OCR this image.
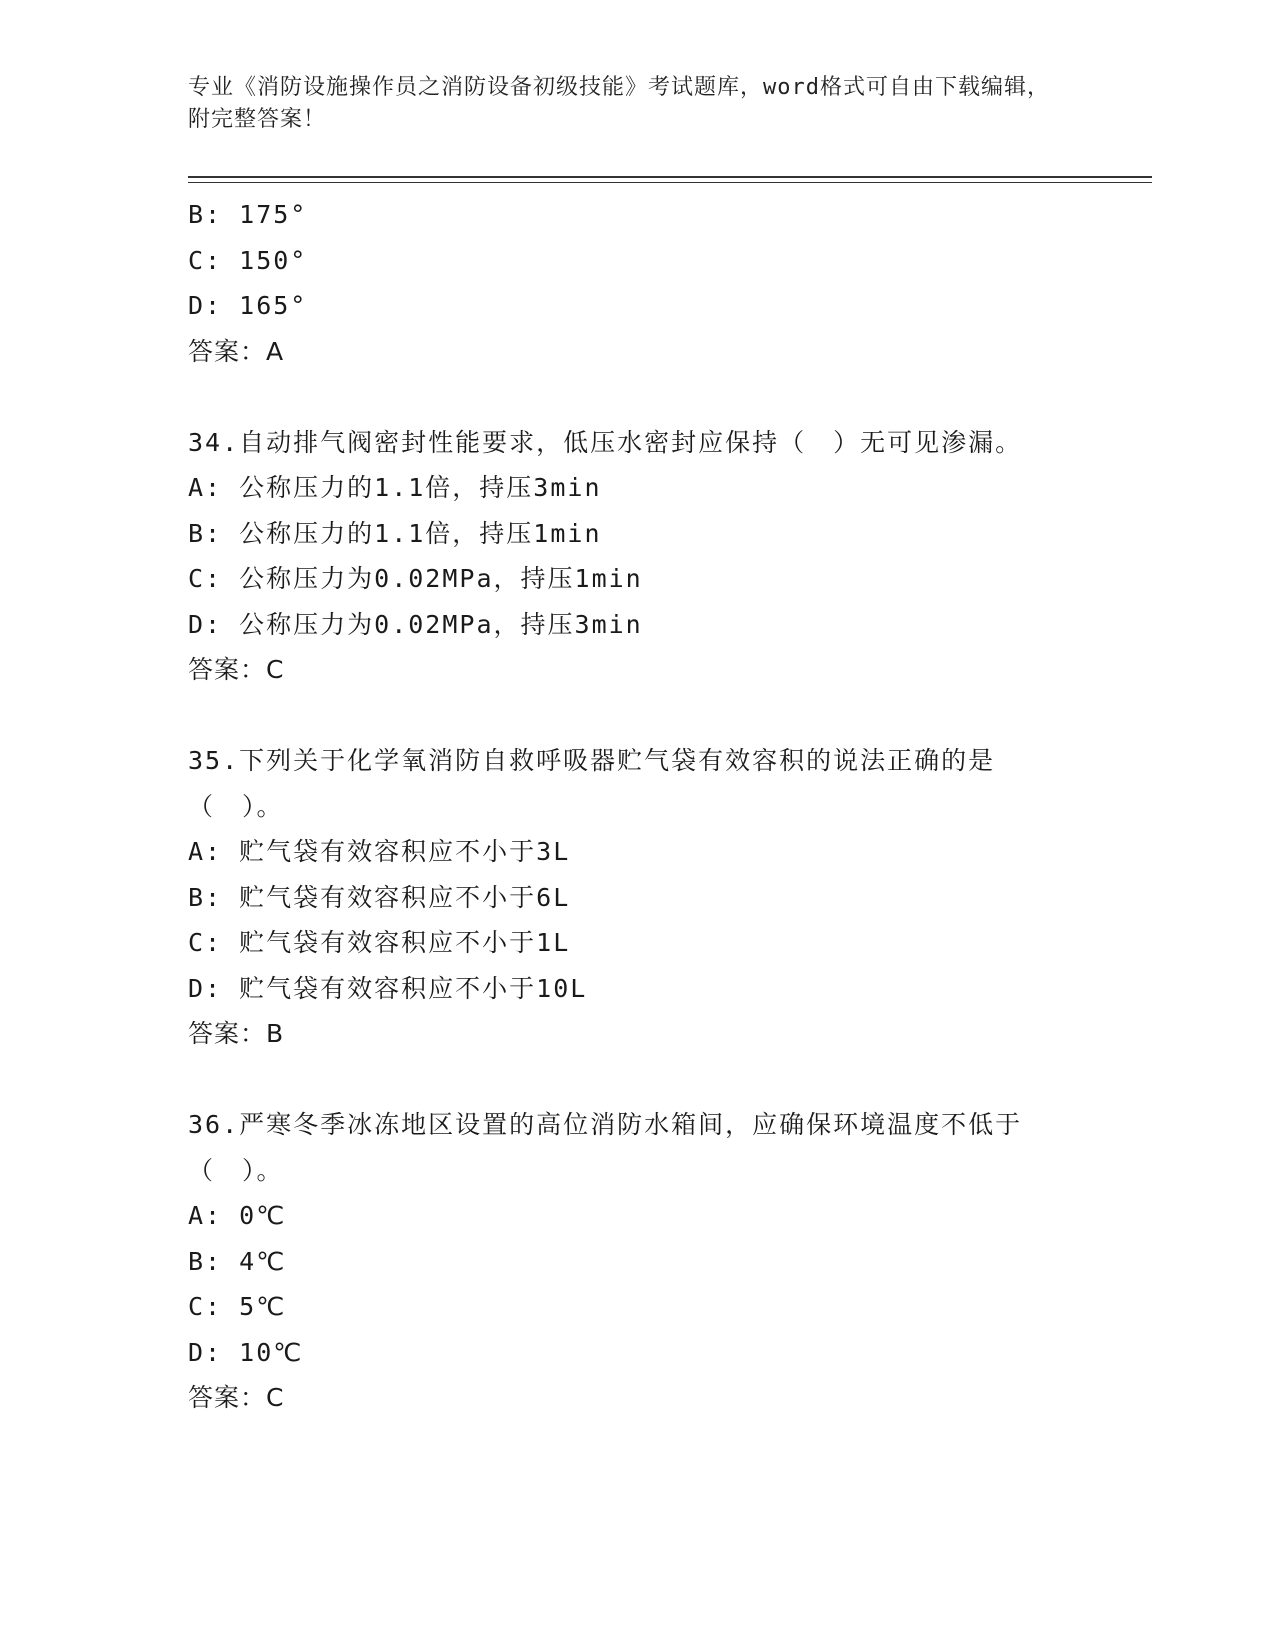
专业《消防设施操作员之消防设备初级技能》考试题库，word格式可自由下载编辑，附完整答案！
B: 175°
C: 150°
D: 165°
答案：A
34.自动排气阀密封性能要求，低压水密封应保持（　）无可见渗漏。
A: 公称压力的1.1倍，持压3min
B: 公称压力的1.1倍，持压1min
C: 公称压力为0.02MPa，持压1min
D: 公称压力为0.02MPa，持压3min
答案：C
35.下列关于化学氧消防自救呼吸器贮气袋有效容积的说法正确的是（　）。
A: 贮气袋有效容积应不小于3L
B: 贮气袋有效容积应不小于6L
C: 贮气袋有效容积应不小于1L
D: 贮气袋有效容积应不小于10L
答案：B
36.严寒冬季冰冻地区设置的高位消防水箱间，应确保环境温度不低于（　）。
A: 0℃
B: 4℃
C: 5℃
D: 10℃
答案：C
